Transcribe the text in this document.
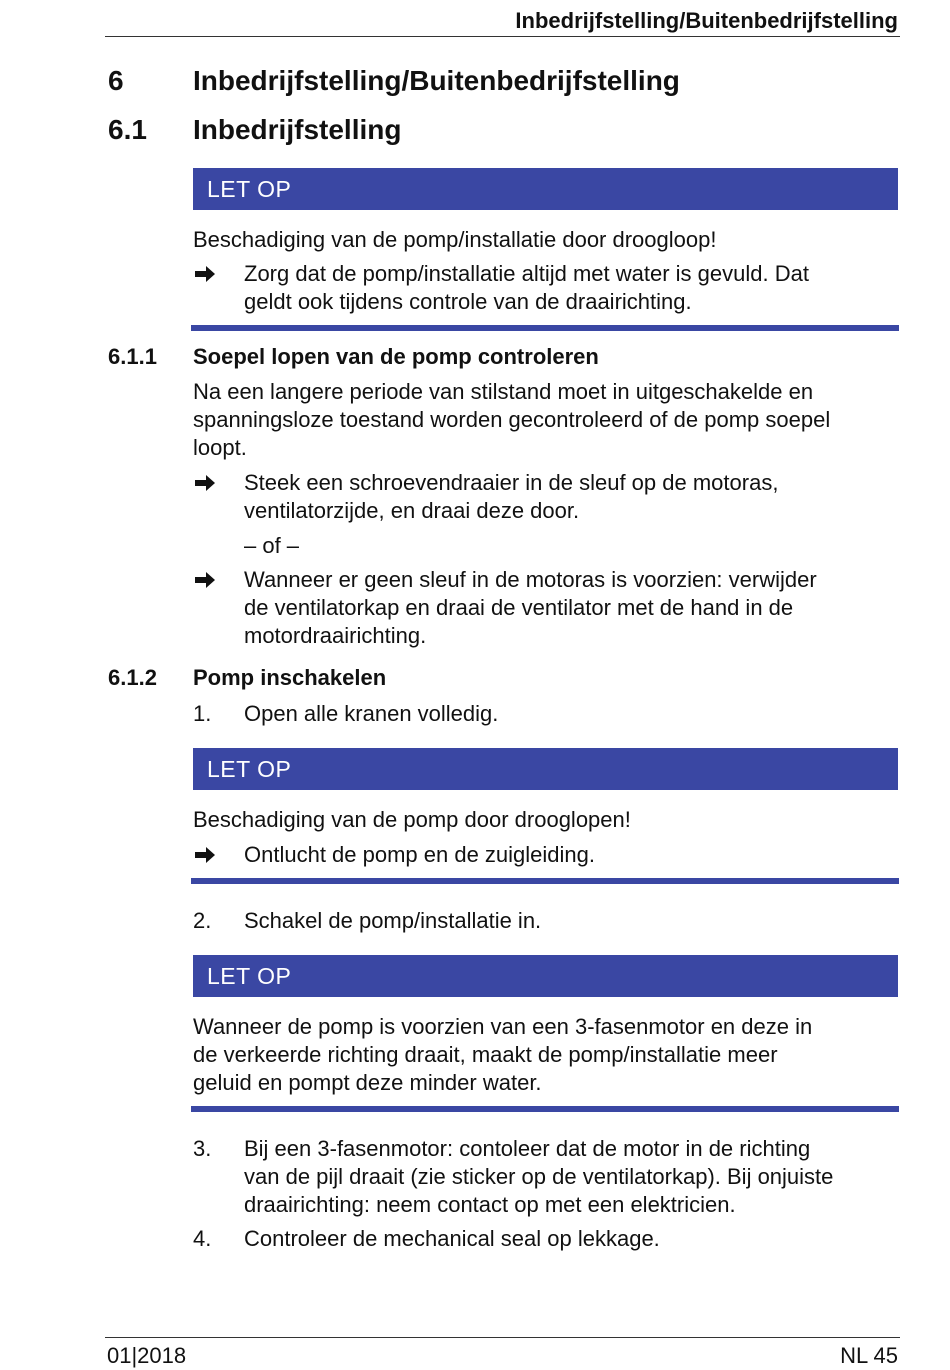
Inbedrijfstelling/Buitenbedrijfstelling
6 Inbedrijfstelling/Buitenbedrijfstelling
6.1 Inbedrijfstelling
LET OP
Beschadiging van de pomp/installatie door droogloop!
Zorg dat de pomp/installatie altijd met water is gevuld. Dat
geldt ook tijdens controle van de draairichting.
6.1.1 Soepel lopen van de pomp controleren
Na een langere periode van stilstand moet in uitgeschakelde en
spanningsloze toestand worden gecontroleerd of de pomp soepel
loopt.
Steek een schroevendraaier in de sleuf op de motoras,
ventilatorzijde, en draai deze door.
– of –
Wanneer er geen sleuf in de motoras is voorzien: verwijder
de ventilatorkap en draai de ventilator met de hand in de
motordraairichting.
6.1.2 Pomp inschakelen
1. Open alle kranen volledig.
LET OP
Beschadiging van de pomp door drooglopen!
Ontlucht de pomp en de zuigleiding.
2. Schakel de pomp/installatie in.
LET OP
Wanneer de pomp is voorzien van een 3-fasenmotor en deze in
de verkeerde richting draait, maakt de pomp/installatie meer
geluid en pompt deze minder water.
3. Bij een 3-fasenmotor: contoleer dat de motor in de richting
van de pijl draait (zie sticker op de ventilatorkap). Bij onjuiste
draairichting: neem contact op met een elektricien.
4. Controleer de mechanical seal op lekkage.
01|2018	NL 45
